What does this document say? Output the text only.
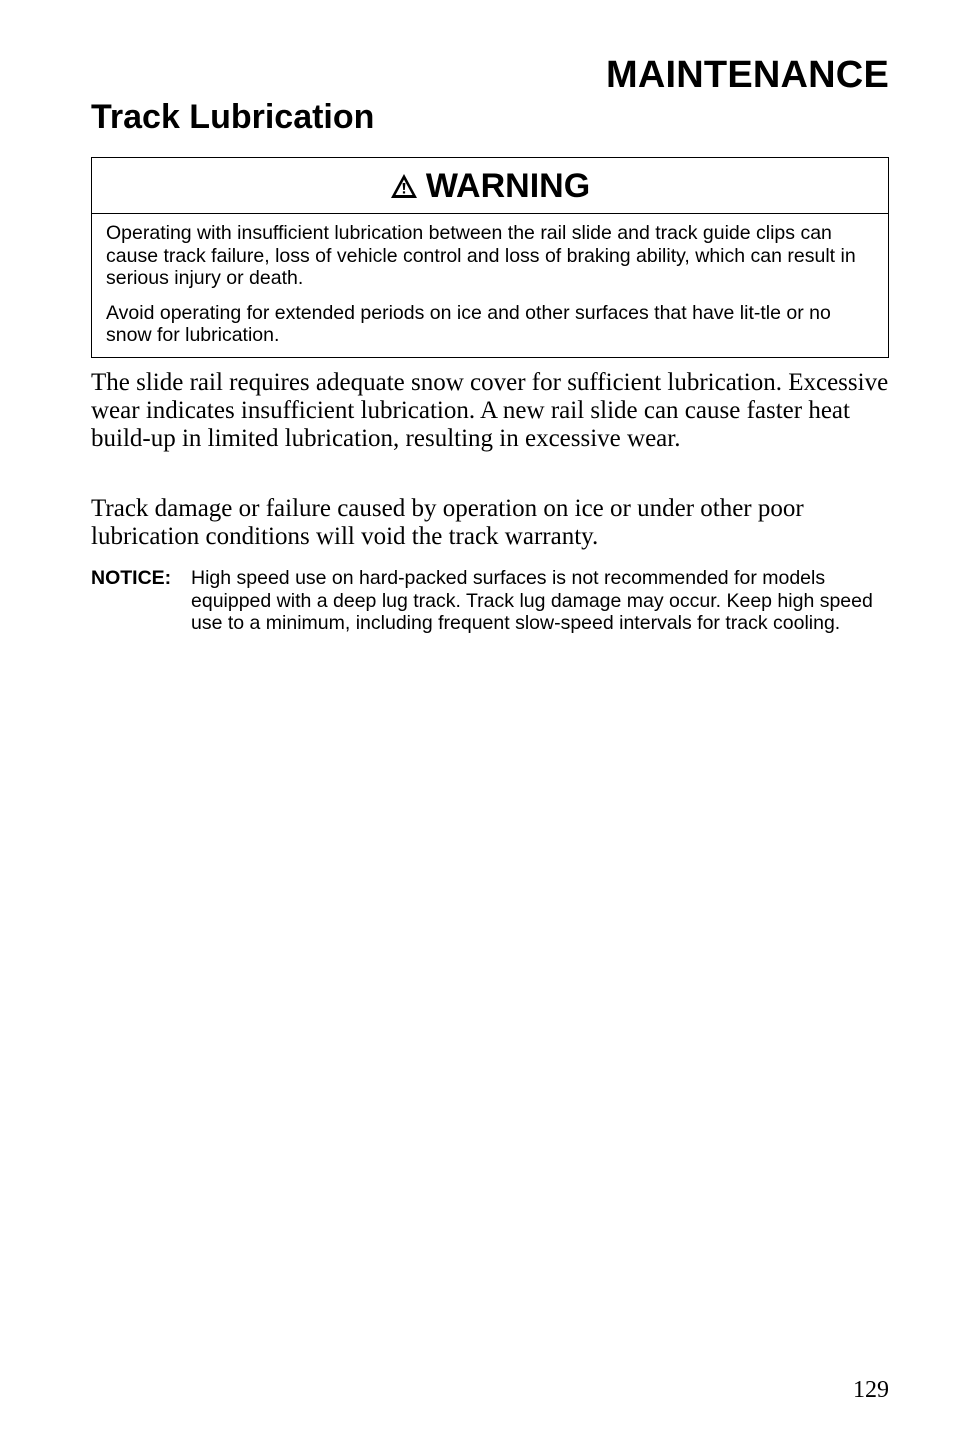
MAINTENANCE
Track Lubrication
WARNING

Operating with insufficient lubrication between the rail slide and track guide clips can cause track failure, loss of vehicle control and loss of braking ability, which can result in serious injury or death.

Avoid operating for extended periods on ice and other surfaces that have lit-tle or no snow for lubrication.

The slide rail requires adequate snow cover for sufficient lubrication. Excessive wear indicates insufficient lubrication. A new rail slide can cause faster heat build-up in limited lubrication, resulting in excessive wear.

Track damage or failure caused by operation on ice or under other poor lubrication conditions will void the track warranty.

NOTICE:	High speed use on hard-packed surfaces is not recommended for models equipped with a deep lug track. Track lug damage may occur. Keep high speed use to a minimum, including frequent slow-speed intervals for track cooling.
129
